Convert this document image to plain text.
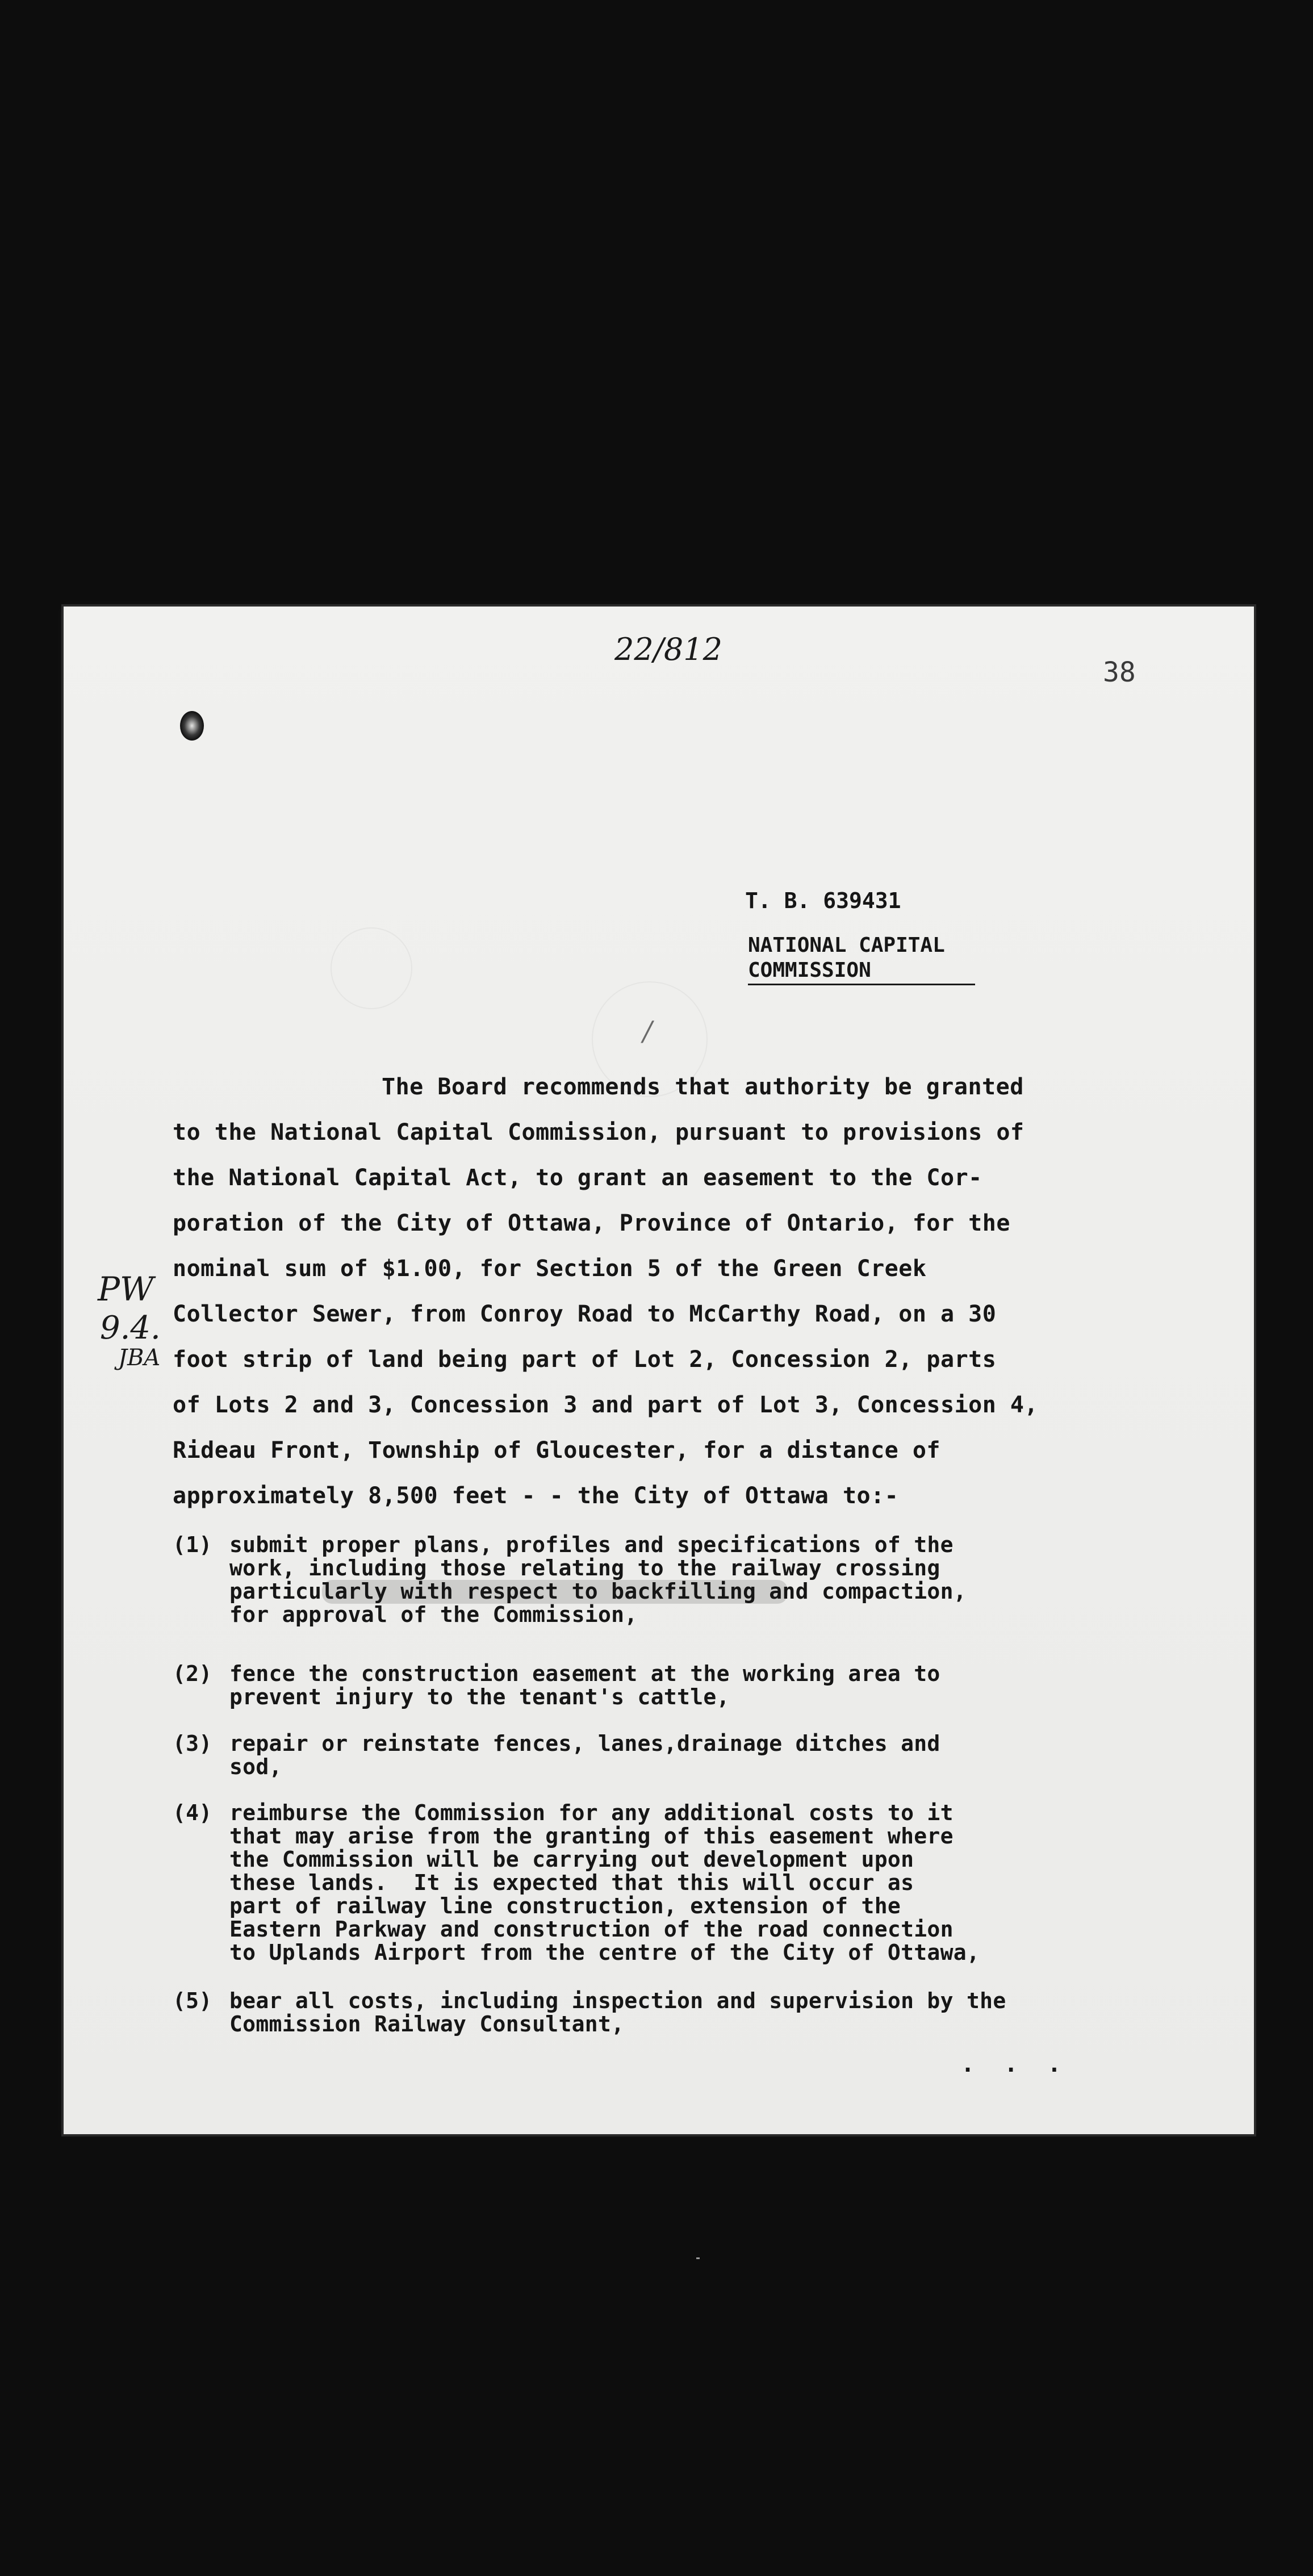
22/812
38
T. B. 639431
NATIONAL CAPITAL
COMMISSION
/
The Board recommends that authority be granted
to the National Capital Commission, pursuant to provisions of
the National Capital Act, to grant an easement to the Cor-
poration of the City of Ottawa, Province of Ontario, for the
nominal sum of $1.00, for Section 5 of the Green Creek
Collector Sewer, from Conroy Road to McCarthy Road, on a 30
foot strip of land being part of Lot 2, Concession 2, parts
of Lots 2 and 3, Concession 3 and part of Lot 3, Concession 4,
Rideau Front, Township of Gloucester, for a distance of
approximately 8,500 feet - - the City of Ottawa to:-
PW
9.4.
JBA
(1) submit proper plans, profiles and specifications of the
work, including those relating to the railway crossing
particularly with respect to backfilling and compaction,
for approval of the Commission,
(2) fence the construction easement at the working area to
prevent injury to the tenant's cattle,
(3) repair or reinstate fences, lanes,drainage ditches and
sod,
(4) reimburse the Commission for any additional costs to it
that may arise from the granting of this easement where
the Commission will be carrying out development upon
these lands.  It is expected that this will occur as
part of railway line construction, extension of the
Eastern Parkway and construction of the road connection
to Uplands Airport from the centre of the City of Ottawa,
(5) bear all costs, including inspection and supervision by the
Commission Railway Consultant,
. . .
